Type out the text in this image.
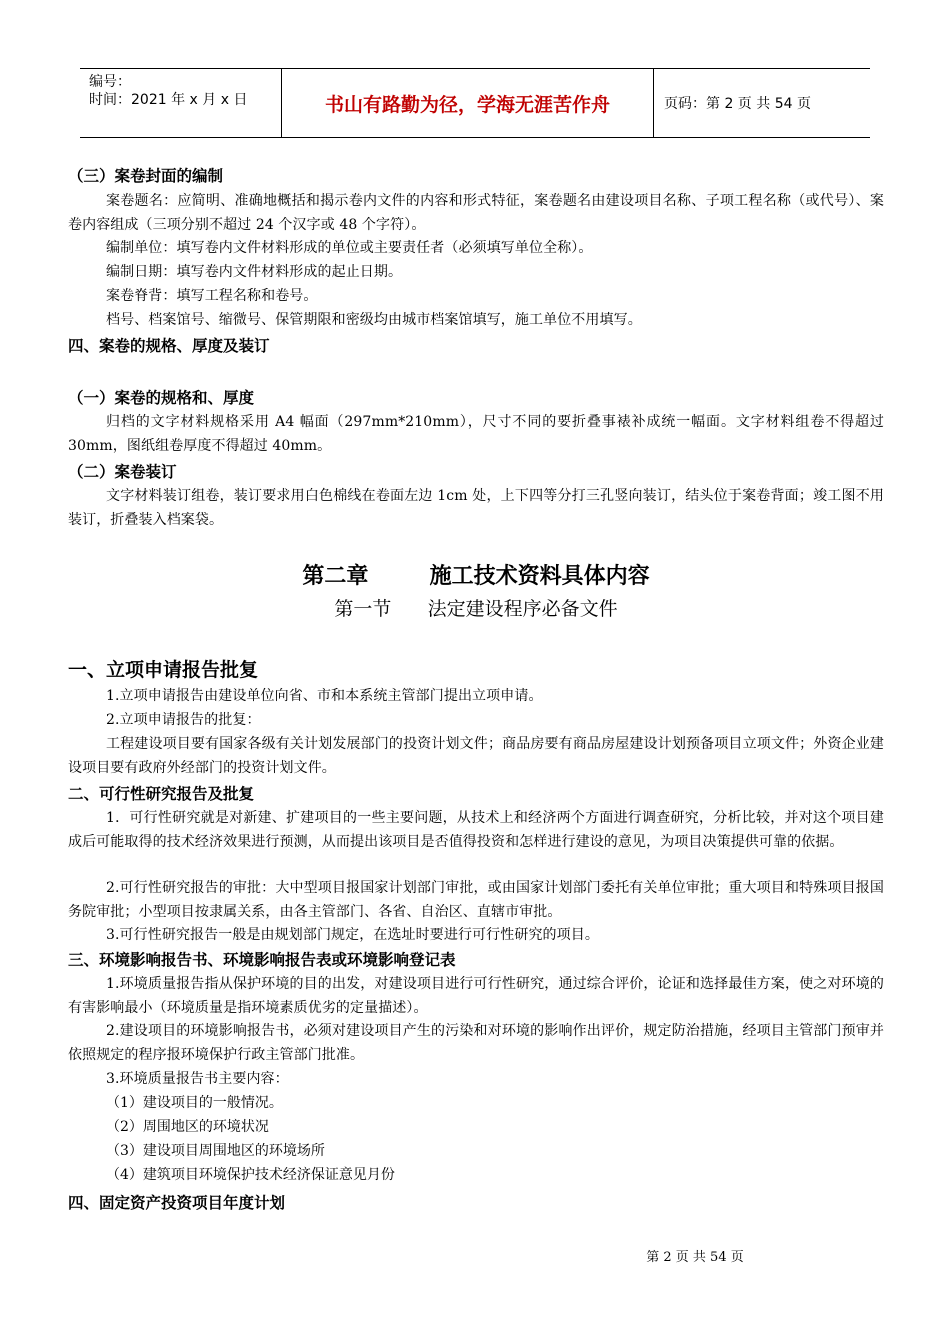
编号：
时间：2021 年 x 月 x 日	书山有路勤为径，学海无涯苦作舟	页码：第 2 页 共 54 页
（三）案卷封面的编制
案卷题名：应简明、准确地概括和揭示卷内文件的内容和形式特征，案卷题名由建设项目名称、子项工程名称（或代号）、案卷内容组成（三项分别不超过 24 个汉字或 48 个字符）。
编制单位：填写卷内文件材料形成的单位或主要责任者（必须填写单位全称）。
编制日期：填写卷内文件材料形成的起止日期。
案卷脊背：填写工程名称和卷号。
档号、档案馆号、缩微号、保管期限和密级均由城市档案馆填写，施工单位不用填写。
四、案卷的规格、厚度及装订
（一）案卷的规格和、厚度
归档的文字材料规格采用 A4 幅面（297mm*210mm），尺寸不同的要折叠事裱补成统一幅面。文字材料组卷不得超过 30mm，图纸组卷厚度不得超过 40mm。
（二）案卷装订
文字材料装订组卷，装订要求用白色棉线在卷面左边 1cm 处，上下四等分打三孔竖向装订，结头位于案卷背面；竣工图不用装订，折叠装入档案袋。
第二章        施工技术资料具体内容
第一节      法定建设程序必备文件
一、立项申请报告批复
1.立项申请报告由建设单位向省、市和本系统主管部门提出立项申请。
2.立项申请报告的批复：
工程建设项目要有国家各级有关计划发展部门的投资计划文件；商品房要有商品房屋建设计划预备项目立项文件；外资企业建设项目要有政府外经部门的投资计划文件。
二、可行性研究报告及批复
1．可行性研究就是对新建、扩建项目的一些主要问题，从技术上和经济两个方面进行调查研究，分析比较，并对这个项目建成后可能取得的技术经济效果进行预测，从而提出该项目是否值得投资和怎样进行建设的意见，为项目决策提供可靠的依据。
2.可行性研究报告的审批：大中型项目报国家计划部门审批，或由国家计划部门委托有关单位审批；重大项目和特殊项目报国务院审批；小型项目按隶属关系，由各主管部门、各省、自治区、直辖市审批。
3.可行性研究报告一般是由规划部门规定，在选址时要进行可行性研究的项目。
三、环境影响报告书、环境影响报告表或环境影响登记表
1.环境质量报告指从保护环境的目的出发，对建设项目进行可行性研究，通过综合评价，论证和选择最佳方案，使之对环境的有害影响最小（环境质量是指环境素质优劣的定量描述）。
2.建设项目的环境影响报告书，必须对建设项目产生的污染和对环境的影响作出评价，规定防治措施，经项目主管部门预审并依照规定的程序报环境保护行政主管部门批准。
3.环境质量报告书主要内容：
（1）建设项目的一般情况。
（2）周围地区的环境状况
（3）建设项目周围地区的环境场所
（4）建筑项目环境保护技术经济保证意见月份
四、固定资产投资项目年度计划
第 2 页 共 54 页
